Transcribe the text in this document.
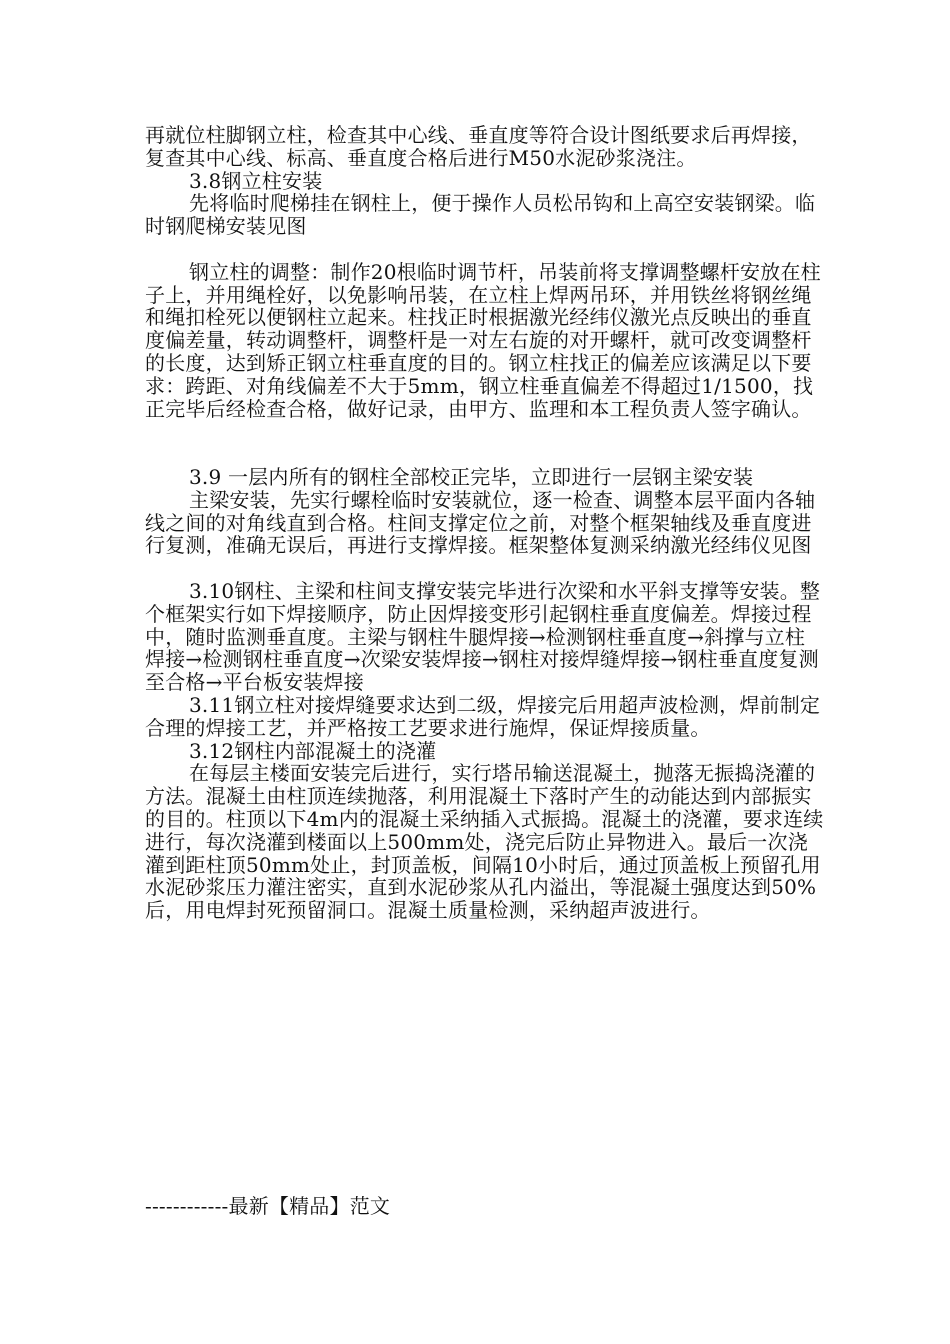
再就位柱脚钢立柱，检查其中心线、垂直度等符合设计图纸要求后再焊接，复查其中心线、标高、垂直度合格后进行M50水泥砂浆浇注。

3.8钢立柱安装

先将临时爬梯挂在钢柱上，便于操作人员松吊钩和上高空安装钢梁。临时钢爬梯安装见图

钢立柱的调整：制作20根临时调节杆，吊装前将支撑调整螺杆安放在柱子上，并用绳栓好，以免影响吊装，在立柱上焊两吊环，并用铁丝将钢丝绳和绳扣栓死以便钢柱立起来。柱找正时根据激光经纬仪激光点反映出的垂直度偏差量，转动调整杆，调整杆是一对左右旋的对开螺杆，就可改变调整杆的长度，达到矫正钢立柱垂直度的目的。钢立柱找正的偏差应该满足以下要求：跨距、对角线偏差不大于5mm，钢立柱垂直偏差不得超过1/1500，找正完毕后经检查合格，做好记录，由甲方、监理和本工程负责人签字确认。

3.9 一层内所有的钢柱全部校正完毕，立即进行一层钢主梁安装

主梁安装，先实行螺栓临时安装就位，逐一检查、调整本层平面内各轴线之间的对角线直到合格。柱间支撑定位之前，对整个框架轴线及垂直度进行复测，准确无误后，再进行支撑焊接。框架整体复测采纳激光经纬仪见图

3.10钢柱、主梁和柱间支撑安装完毕进行次梁和水平斜支撑等安装。整个框架实行如下焊接顺序，防止因焊接变形引起钢柱垂直度偏差。焊接过程中，随时监测垂直度。主梁与钢柱牛腿焊接→检测钢柱垂直度→斜撑与立柱焊接→检测钢柱垂直度→次梁安装焊接→钢柱对接焊缝焊接→钢柱垂直度复测至合格→平台板安装焊接

3.11钢立柱对接焊缝要求达到二级，焊接完后用超声波检测，焊前制定合理的焊接工艺，并严格按工艺要求进行施焊，保证焊接质量。

3.12钢柱内部混凝土的浇灌

在每层主楼面安装完后进行，实行塔吊输送混凝土，抛落无振捣浇灌的方法。混凝土由柱顶连续抛落，利用混凝土下落时产生的动能达到内部振实的目的。柱顶以下4m内的混凝土采纳插入式振捣。混凝土的浇灌，要求连续进行，每次浇灌到楼面以上500mm处，浇完后防止异物进入。最后一次浇灌到距柱顶50mm处止，封顶盖板，间隔10小时后，通过顶盖板上预留孔用水泥砂浆压力灌注密实，直到水泥砂浆从孔内溢出，等混凝土强度达到50%后，用电焊封死预留洞口。混凝土质量检测，采纳超声波进行。

------------最新【精品】范文
